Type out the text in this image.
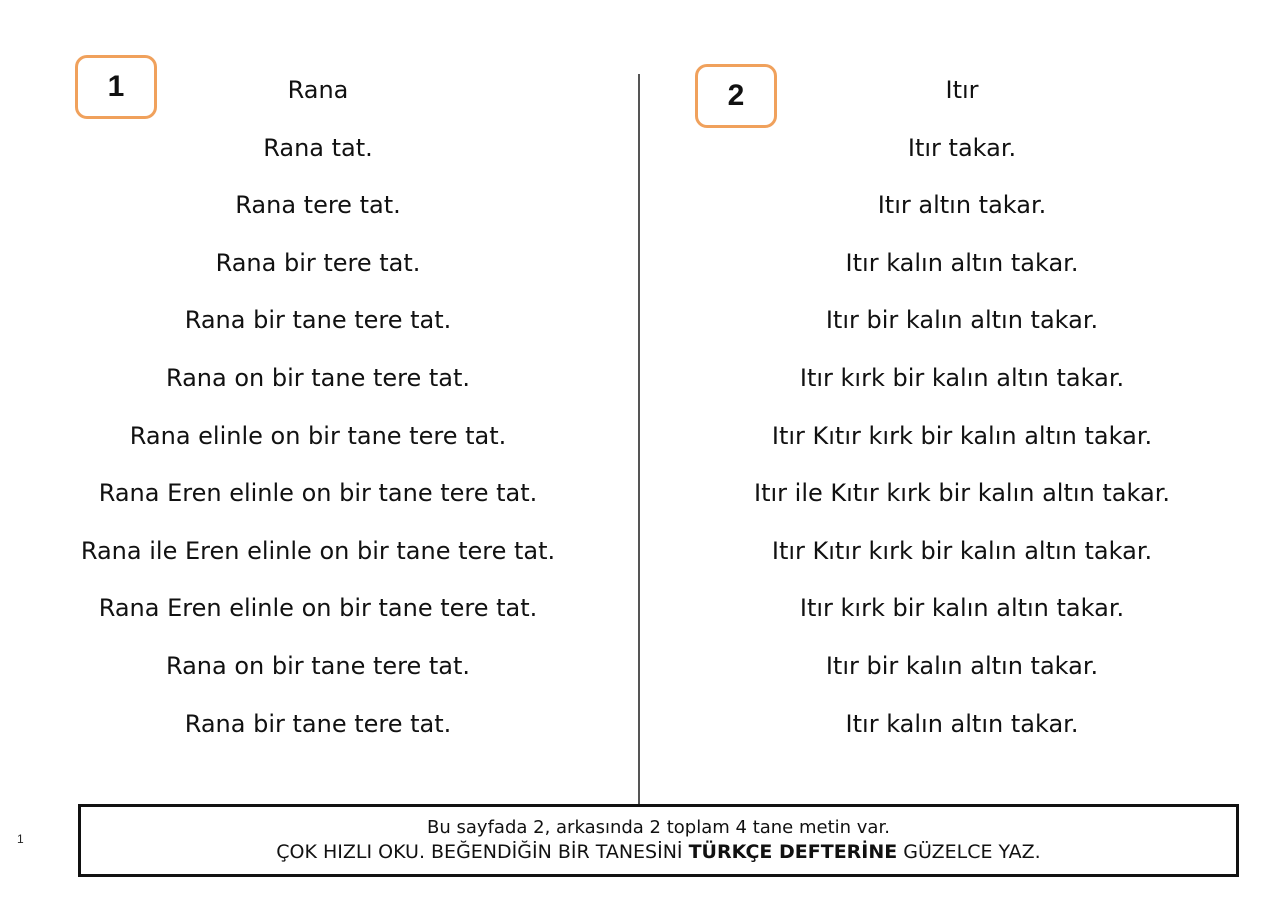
1	2
Rana
Rana tat.
Rana tere tat.
Rana bir tere tat.
Rana bir tane tere tat.
Rana on bir tane tere tat.
Rana elinle on bir tane tere tat.
Rana Eren elinle on bir tane tere tat.
Rana ile Eren elinle on bir tane tere tat.
Rana Eren elinle on bir tane tere tat.
Rana on bir tane tere tat.
Rana bir tane tere tat.
Itır
Itır takar.
Itır altın takar.
Itır kalın altın takar.
Itır bir kalın altın takar.
Itır kırk bir kalın altın takar.
Itır Kıtır kırk bir kalın altın takar.
Itır ile Kıtır kırk bir kalın altın takar.
Itır Kıtır kırk bir kalın altın takar.
Itır kırk bir kalın altın takar.
Itır bir kalın altın takar.
Itır kalın altın takar.
Bu sayfada 2, arkasında 2 toplam 4 tane metin var.
ÇOK HIZLI OKU. BEĞENDİĞİN BİR TANESİNİ TÜRKÇE DEFTERİNE GÜZELCE YAZ.
1
